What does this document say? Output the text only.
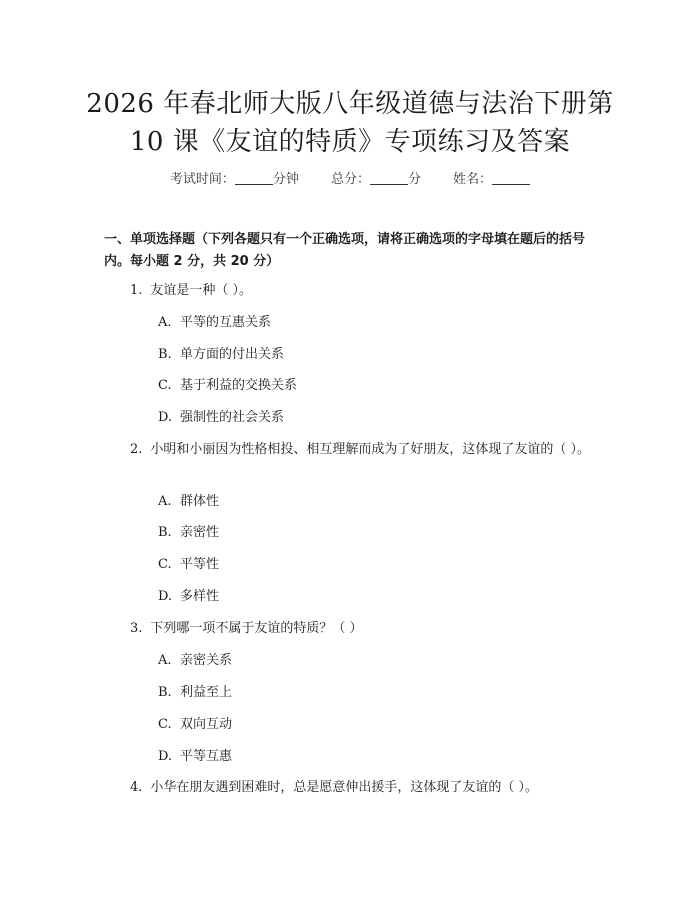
2026 年春北师大版八年级道德与法治下册第
10 课《友谊的特质》专项练习及答案
考试时间：	分钟 总分：	分 姓名：
一、单项选择题（下列各题只有一个正确选项，请将正确选项的字母填在题后的括号内。每小题 2 分，共 20 分）
1. 友谊是一种（ ）。
A. 平等的互惠关系
B. 单方面的付出关系
C. 基于利益的交换关系
D. 强制性的社会关系
2. 小明和小丽因为性格相投、相互理解而成为了好朋友，这体现了友谊的（ ）。
A. 群体性
B. 亲密性
C. 平等性
D. 多样性
3. 下列哪一项不属于友谊的特质？（ ）
A. 亲密关系
B. 利益至上
C. 双向互动
D. 平等互惠
4. 小华在朋友遇到困难时，总是愿意伸出援手，这体现了友谊的（ ）。
